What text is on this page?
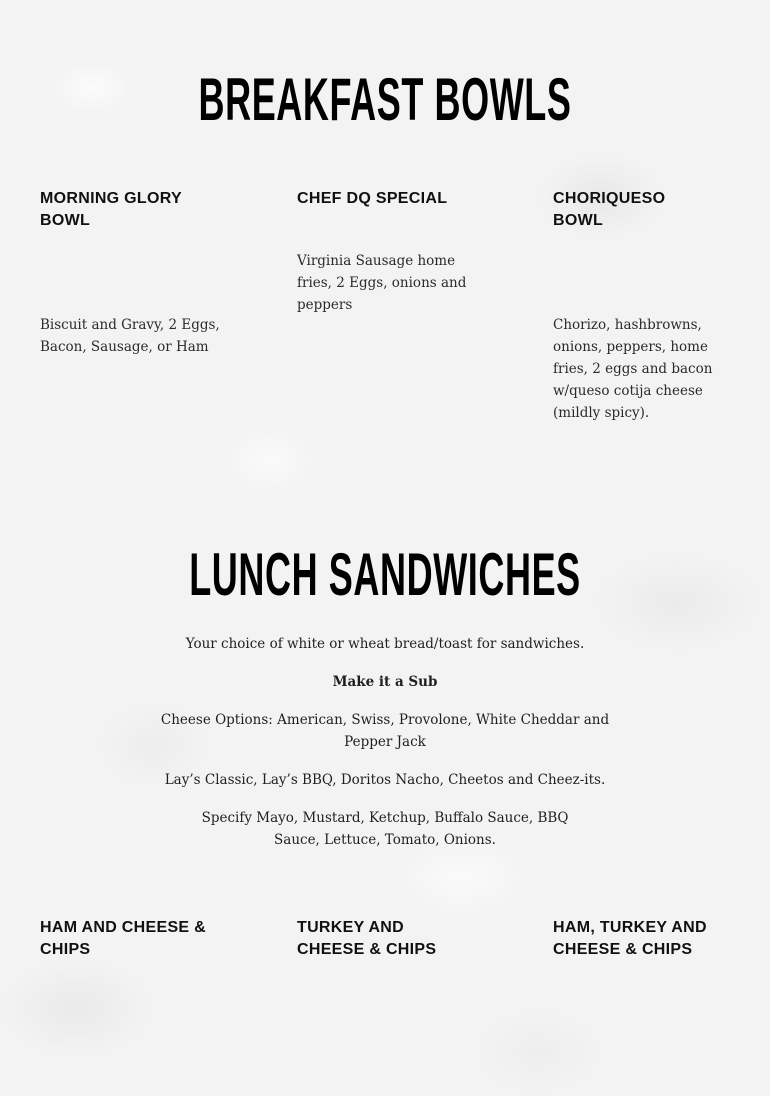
BREAKFAST BOWLS
MORNING GLORY BOWL
Biscuit and Gravy, 2 Eggs, Bacon, Sausage, or Ham
CHEF DQ SPECIAL
Virginia Sausage home fries, 2 Eggs, onions and peppers
CHORIQUESO BOWL
Chorizo, hashbrowns, onions, peppers, home fries, 2 eggs and bacon w/queso cotija cheese (mildly spicy).
LUNCH SANDWICHES
Your choice of white or wheat bread/toast for sandwiches.
Make it a Sub
Cheese Options: American, Swiss, Provolone, White Cheddar and Pepper Jack
Lay’s Classic, Lay’s BBQ, Doritos Nacho, Cheetos and Cheez-its.
Specify Mayo, Mustard, Ketchup, Buffalo Sauce, BBQ Sauce, Lettuce, Tomato, Onions.
HAM AND CHEESE & CHIPS
TURKEY AND CHEESE & CHIPS
HAM, TURKEY AND CHEESE & CHIPS
